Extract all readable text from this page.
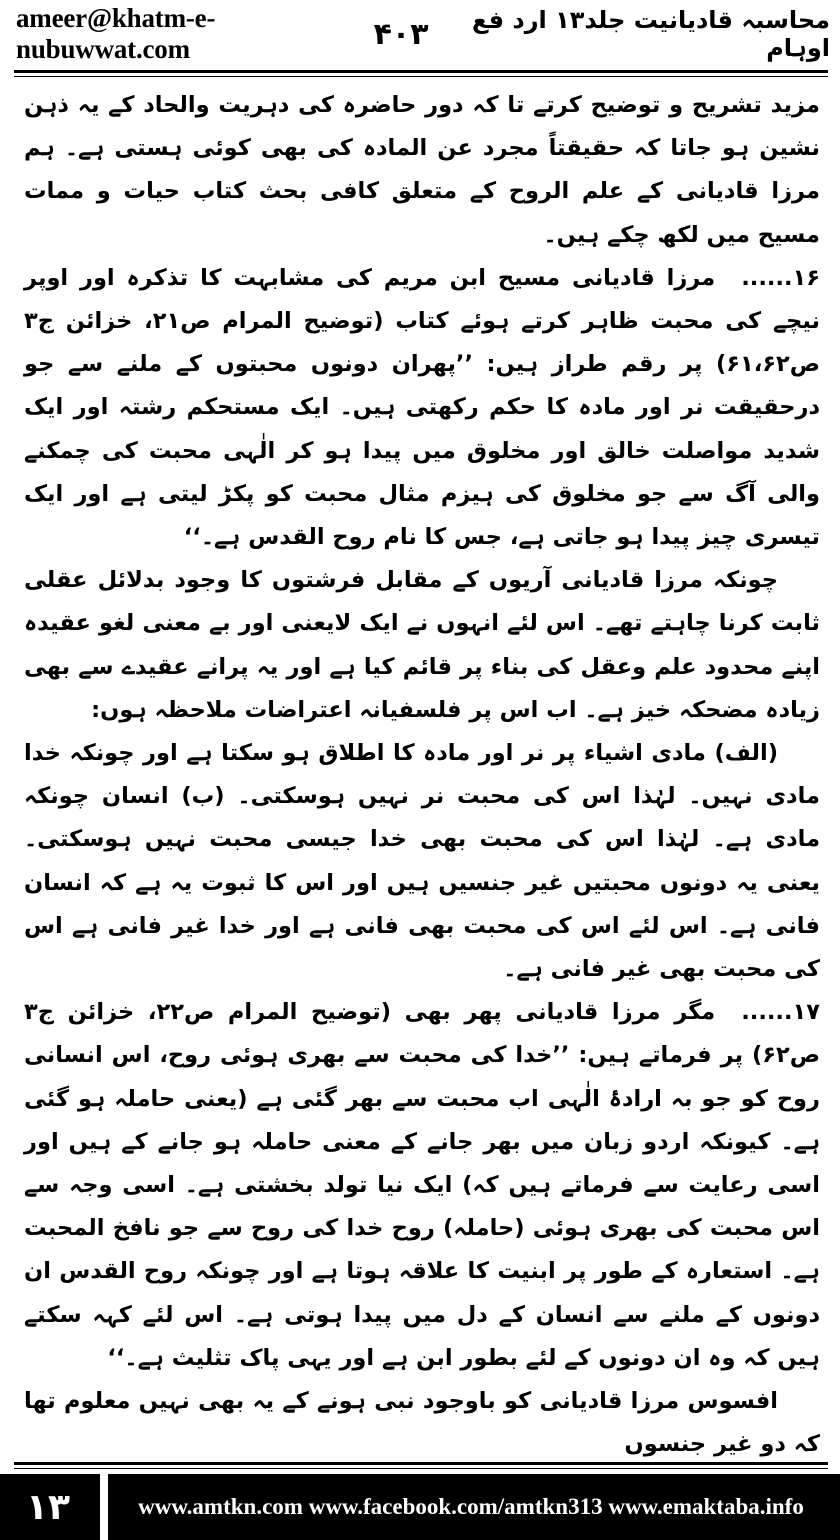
ameer@khatm-e-nubuwwat.com	۴۰۳	محاسبہ قادیانیت جلد۱۳ ارد فع اوہام

مزید تشریح و توضیح کرتے تا کہ دور حاضرہ کی دہریت والحاد کے یہ ذہن نشین ہو جاتا کہ حقیقتاً مجرد عن المادہ کی بھی کوئی ہستی ہے۔ ہم مرزا قادیانی کے علم الروح کے متعلق کافی بحث کتاب حیات و ممات مسیح میں لکھ چکے ہیں۔

۱۶......مرزا قادیانی مسیح ابن مریم کی مشابہت کا تذکرہ اور اوپر نیچے کی محبت ظاہر کرتے ہوئے کتاب (توضیح المرام ص۲۱، خزائن ج۳ ص۶۱،۶۲) پر رقم طراز ہیں: ’’پھران دونوں محبتوں کے ملنے سے جو درحقیقت نر اور مادہ کا حکم رکھتی ہیں۔ ایک مستحکم رشتہ اور ایک شدید مواصلت خالق اور مخلوق میں پیدا ہو کر الٰہی محبت کی چمکنے والی آگ سے جو مخلوق کی ہیزم مثال محبت کو پکڑ لیتی ہے اور ایک تیسری چیز پیدا ہو جاتی ہے، جس کا نام روح القدس ہے۔‘‘

چونکہ مرزا قادیانی آریوں کے مقابل فرشتوں کا وجود بدلائل عقلی ثابت کرنا چاہتے تھے۔ اس لئے انہوں نے ایک لایعنی اور بے معنی لغو عقیدہ اپنے محدود علم وعقل کی بناء پر قائم کیا ہے اور یہ پرانے عقیدے سے بھی زیادہ مضحکہ خیز ہے۔ اب اس پر فلسفیانہ اعتراضات ملاحظہ ہوں:

(الف) مادی اشیاء پر نر اور مادہ کا اطلاق ہو سکتا ہے اور چونکہ خدا مادی نہیں۔ لہٰذا اس کی محبت نر نہیں ہوسکتی۔ (ب) انسان چونکہ مادی ہے۔ لہٰذا اس کی محبت بھی خدا جیسی محبت نہیں ہوسکتی۔ یعنی یہ دونوں محبتیں غیر جنسیں ہیں اور اس کا ثبوت یہ ہے کہ انسان فانی ہے۔ اس لئے اس کی محبت بھی فانی ہے اور خدا غیر فانی ہے اس کی محبت بھی غیر فانی ہے۔

۱۷......مگر مرزا قادیانی پھر بھی (توضیح المرام ص۲۲، خزائن ج۳ ص۶۲) پر فرماتے ہیں: ’’خدا کی محبت سے بھری ہوئی روح، اس انسانی روح کو جو بہ ارادۂ الٰہی اب محبت سے بھر گئی ہے (یعنی حاملہ ہو گئی ہے۔ کیونکہ اردو زبان میں بھر جانے کے معنی حاملہ ہو جانے کے ہیں اور اسی رعایت سے فرماتے ہیں کہ) ایک نیا تولد بخشتی ہے۔ اسی وجہ سے اس محبت کی بھری ہوئی (حاملہ) روح خدا کی روح سے جو نافخ المحبت ہے۔ استعارہ کے طور پر ابنیت کا علاقہ ہوتا ہے اور چونکہ روح القدس ان دونوں کے ملنے سے انسان کے دل میں پیدا ہوتی ہے۔ اس لئے کہہ سکتے ہیں کہ وہ ان دونوں کے لئے بطور ابن ہے اور یہی پاک تثلیث ہے۔‘‘

افسوس مرزا قادیانی کو باوجود نبی ہونے کے یہ بھی نہیں معلوم تھا کہ دو غیر جنسوں

۱۳	www.amtkn.com www.facebook.com/amtkn313 www.emaktaba.info
